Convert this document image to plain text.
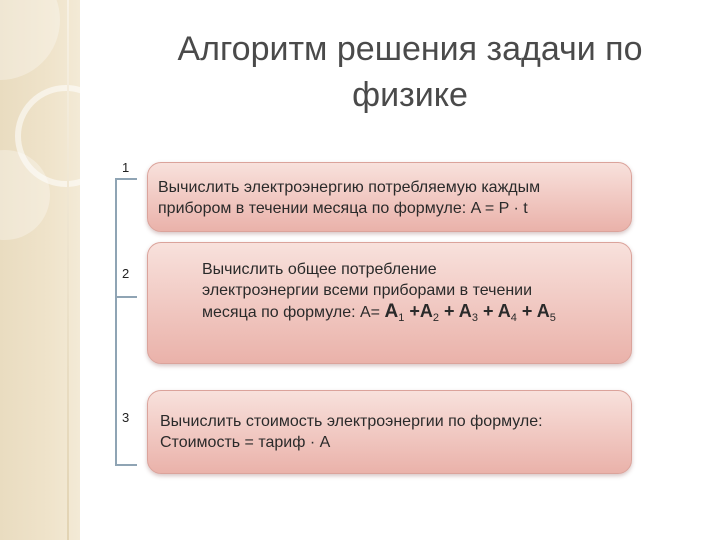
Алгоритм решения задачи по физике
1
2
3
Вычислить электроэнергию потребляемую каждым
прибором в течении месяца по формуле: A = P · t
Вычислить общее потребление
электроэнергии всеми приборами в течении
месяца по формуле: $A= A_1 +A_2 + A_3 + A_4 + A_5$
Вычислить стоимость электроэнергии по формуле:
Стоимость = тариф · A
